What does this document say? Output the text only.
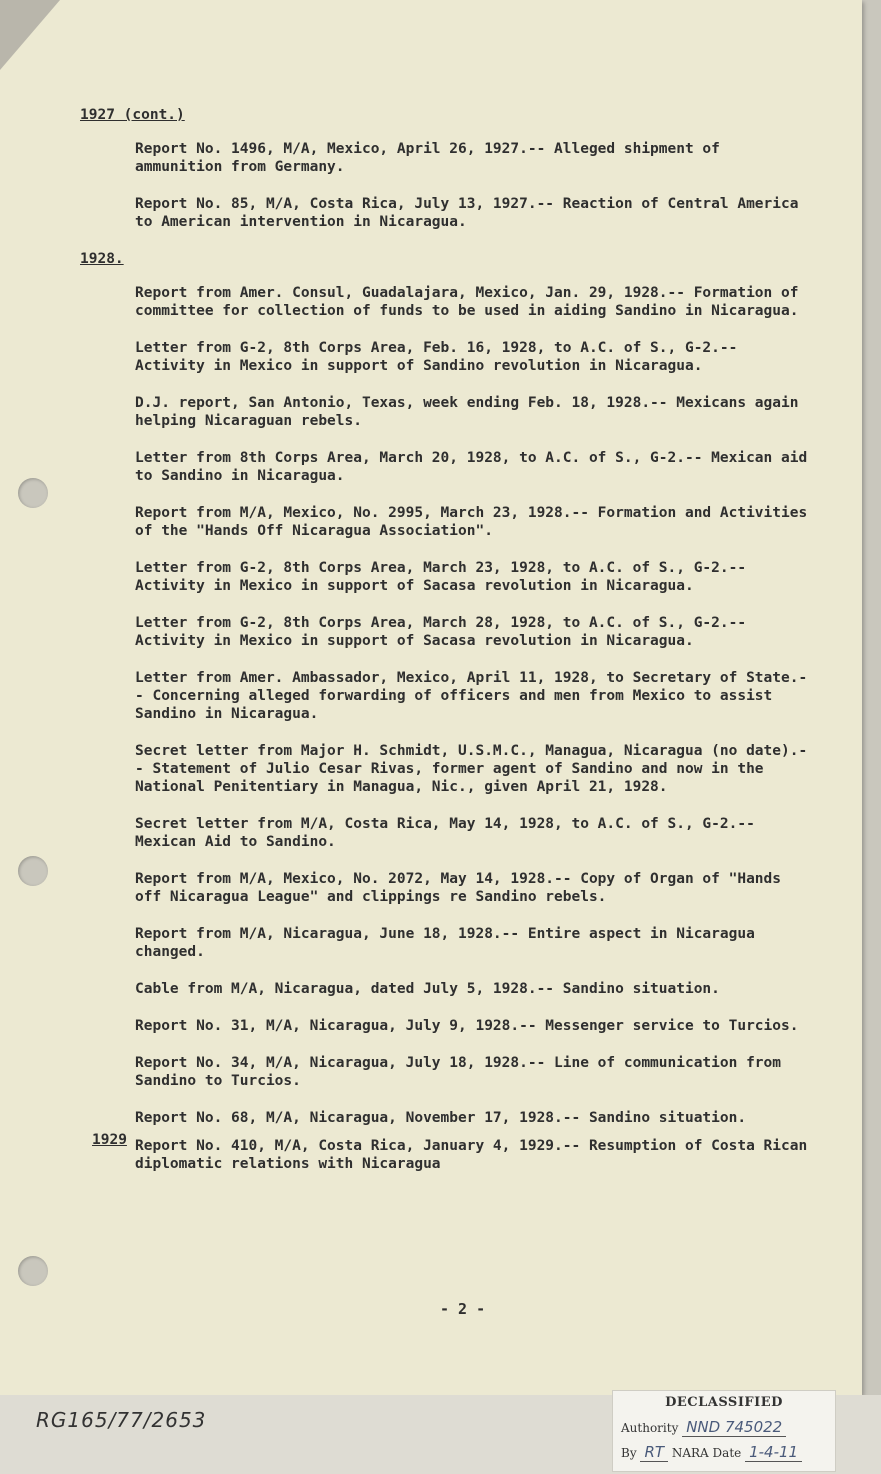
1927 (cont.)
Report No. 1496, M/A, Mexico, April 26, 1927.-- Alleged shipment of ammunition from Germany.
Report No. 85, M/A, Costa Rica, July 13, 1927.-- Reaction of Central America to American intervention in Nicaragua.
1928.
Report from Amer. Consul, Guadalajara, Mexico, Jan. 29, 1928.-- Formation of committee for collection of funds to be used in aiding Sandino in Nicaragua.
Letter from G-2, 8th Corps Area, Feb. 16, 1928, to A.C. of S., G-2.-- Activity in Mexico in support of Sandino revolution in Nicaragua.
D.J. report, San Antonio, Texas, week ending Feb. 18, 1928.-- Mexicans again helping Nicaraguan rebels.
Letter from 8th Corps Area, March 20, 1928, to A.C. of S., G-2.-- Mexican aid to Sandino in Nicaragua.
Report from M/A, Mexico, No. 2995, March 23, 1928.-- Formation and Activities of the "Hands Off Nicaragua Association".
Letter from G-2, 8th Corps Area, March 23, 1928, to A.C. of S., G-2.-- Activity in Mexico in support of Sacasa revolution in Nicaragua.
Letter from G-2, 8th Corps Area, March 28, 1928, to A.C. of S., G-2.-- Activity in Mexico in support of Sacasa revolution in Nicaragua.
Letter from Amer. Ambassador, Mexico, April 11, 1928, to Secretary of State.-- Concerning alleged forwarding of officers and men from Mexico to assist Sandino in Nicaragua.
Secret letter from Major H. Schmidt, U.S.M.C., Managua, Nicaragua (no date).-- Statement of Julio Cesar Rivas, former agent of Sandino and now in the National Penitentiary in Managua, Nic., given April 21, 1928.
Secret letter from M/A, Costa Rica, May 14, 1928, to A.C. of S., G-2.-- Mexican Aid to Sandino.
Report from M/A, Mexico, No. 2072, May 14, 1928.-- Copy of Organ of "Hands off Nicaragua League" and clippings re Sandino rebels.
Report from M/A, Nicaragua, June 18, 1928.-- Entire aspect in Nicaragua changed.
Cable from M/A, Nicaragua, dated July 5, 1928.-- Sandino situation.
Report No. 31, M/A, Nicaragua, July 9, 1928.-- Messenger service to Turcios.
Report No. 34, M/A, Nicaragua, July 18, 1928.-- Line of communication from Sandino to Turcios.
Report No. 68, M/A, Nicaragua, November 17, 1928.-- Sandino situation.
1929 Report No. 410, M/A, Costa Rica, January 4, 1929.-- Resumption of Costa Rican diplomatic relations with Nicaragua
- 2 -
RG165/77/2653
DECLASSIFIED
Authority NND 745022
By RT NARA Date 1-4-11
